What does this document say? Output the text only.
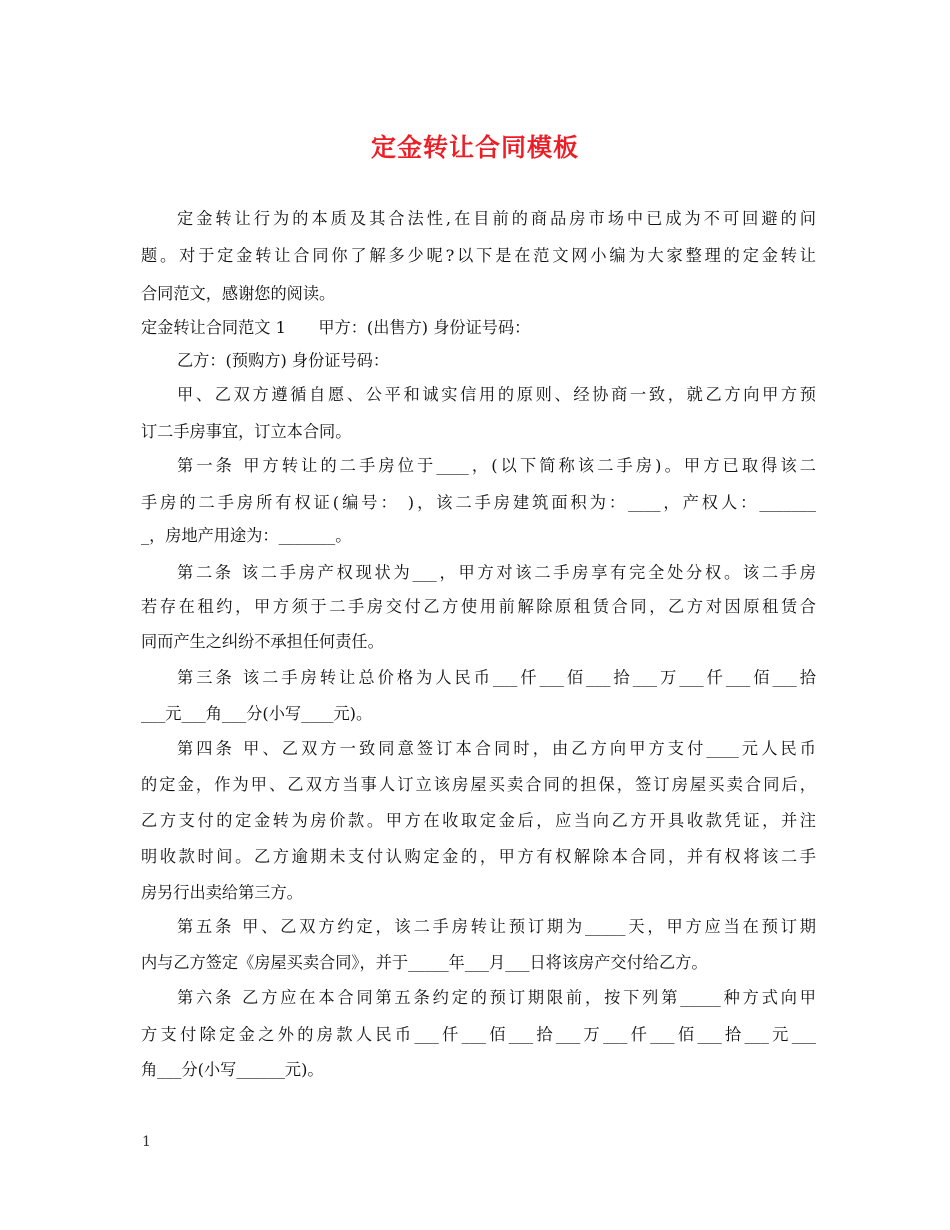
定金转让合同模板
定金转让行为的本质及其合法性,在目前的商品房市场中已成为不可回避的问
题。对于定金转让合同你了解多少呢?以下是在范文网小编为大家整理的定金转让
合同范文，感谢您的阅读。
定金转让合同范文 1　　甲方：(出售方) 身份证号码：
乙方：(预购方) 身份证号码：
甲、乙双方遵循自愿、公平和诚实信用的原则、经协商一致，就乙方向甲方预
订二手房事宜，订立本合同。
第一条 甲方转让的二手房位于____，(以下简称该二手房)。甲方已取得该二
手房的二手房所有权证(编号： )，该二手房建筑面积为：____，产权人：_______
_，房地产用途为：_______。
第二条 该二手房产权现状为___，甲方对该二手房享有完全处分权。该二手房
若存在租约，甲方须于二手房交付乙方使用前解除原租赁合同，乙方对因原租赁合
同而产生之纠纷不承担任何责任。
第三条 该二手房转让总价格为人民币___仟___佰___拾___万___仟___佰___拾
___元___角___分(小写____元)。
第四条 甲、乙双方一致同意签订本合同时，由乙方向甲方支付____元人民币
的定金，作为甲、乙双方当事人订立该房屋买卖合同的担保，签订房屋买卖合同后，
乙方支付的定金转为房价款。甲方在收取定金后，应当向乙方开具收款凭证，并注
明收款时间。乙方逾期未支付认购定金的，甲方有权解除本合同，并有权将该二手
房另行出卖给第三方。
第五条 甲、乙双方约定，该二手房转让预订期为_____天，甲方应当在预订期
内与乙方签定《房屋买卖合同》，并于_____年___月___日将该房产交付给乙方。
第六条 乙方应在本合同第五条约定的预订期限前，按下列第_____种方式向甲
方支付除定金之外的房款人民币___仟___佰___拾___万___仟___佰___拾___元___
角___分(小写______元)。
1
